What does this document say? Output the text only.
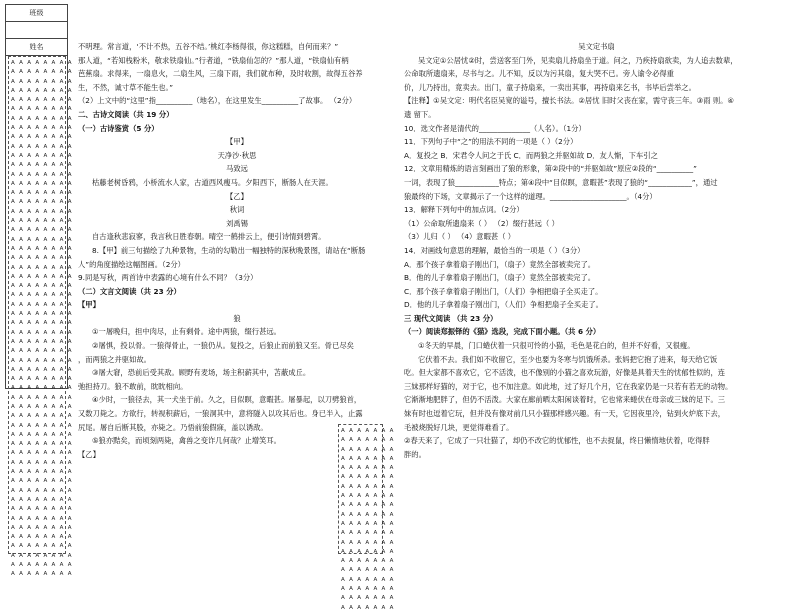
班级
姓名
A A A A A A A A
A A A A A A A A
A A A A A A A A
A A A A A A A A
A A A A A A A A
A A A A A A A A
A A A A A A A A
A A A A A A A A
A A A A A A A A
A A A A A A A A
A A A A A A A A
A A A A A A A A
A A A A A A A A
A A A A A A A A
A A A A A A A A
A A A A A A A A
A A A A A A A A
A A A A A A A A
A A A A A A A A
A A A A A A A A
A A A A A A A A
A A A A A A A A
A A A A A A A A
A A A A A A A A
A A A A A A A A
A A A A A A A A
A A A A A A A A
A A A A A A A A
A A A A A A A A
A A A A A A A A
A A A A A A A A
A A A A A A A A
A A A A A A A A
A A A A A A A A
A A A A A A A A
A A A A A A A A
A A A A A A A A
A A A A A A A A
A A A A A A A A
A A A A A A A A
A A A A A A A A
A A A A A A A A
A A A A A A A A
A A A A A A A A
A A A A A A A A
A A A A A A A A
A A A A A A A A
A A A A A A A A
A A A A A A A A
A A A A A A A A
A A A A A A A A
A A A A A A A A
A A A A A A A A
A A A A A A A A
A A A A A A A A
A A A A A A A A
A A A A A A A
A A A A A A A
A A A A A A A
A A A A A A A
A A A A A A A
A A A A A A A
A A A A A A A
A A A A A A A
A A A A A A A
A A A A A A A
A A A A A A A
A A A A A A A
A A A A A A A
A A A A A A A
A A A A A A A
A A A A A A A
A A A A A A A
A A A A A A A
A A A A A A A
A A A A A A A

不明理。常言道，‘不计不热，五谷不结。’桃红李杨得很，你这糕糕，自何而来？”

那人道，“若知栈粉米，敬求铁扇仙。”行者道，“铁扇仙怎的？”那人道，“铁扇仙有柄

芭蕉扇。求得来，一扇息火，二扇生风，三扇下雨，我们就布种，及时收割，故得五谷养

生，不然，诚寸草不能生也。”

（2）上文中的“这里”指__________（地名），在这里发生__________了故事。 （2分）

二、古诗文阅读（共 19 分）

（一）古诗鉴赏（5 分）

【甲】

天净沙·秋思

马致远

枯藤老树昏鸦，小桥流水人家，古道西风瘦马。夕阳西下，断肠人在天涯。

【乙】

秋词

刘禹锡

自古逢秋悲寂寥，我言秋日胜春朝。晴空一鹤排云上，便引诗情到碧霄。

8.【甲】前三句描绘了九种景物，生动的勾勒出一幅独特的深秋晚景图，请站在“断肠

人”的角度描绘这幅图画。（2分）

9.同是写秋，两首诗中表露的心境有什么不同？（3分）

（二）文言文阅读（共 23 分）

【甲】

狼

①一屠晚归，担中肉尽，止有剩骨。途中两狼，缀行甚远。

②屠惧，投以骨。一狼得骨止，一狼仍从。复投之，后狼止而前狼又至。骨已尽矣

，而两狼之并驱如故。

③屠大窘，恐前后受其敌。顾野有麦场，场主积薪其中，苫蔽成丘。

弛担持刀。狼不敢前，眈眈相向。

④少时，一狼径去，其一犬坐于前。久之，目似瞑，意暇甚。屠暴起，以刀劈狼首，

又数刀毙之。方欲行，转视积薪后，一狼洞其中，意将隧入以攻其后也。身已半入，止露

尻尾。屠自后断其股，亦毙之。乃悟前狼假寐，盖以诱敌。

⑤狼亦黠矣，而顷刻两毙，禽兽之变诈几何哉？止增笑耳。

【乙】

吴文定书扇

吴文定①公居忧②时，尝送客至门外，见卖扇儿持扇坐于道。问之，乃疾持扇欲卖，为人追去数辈，

公命取所遗扇来，尽书与之。儿不知，反以为污其扇，复大哭不已。旁人谕令必得重

价，儿乃持出，竟卖去。出门，童子持扇来，一卖出其事，再持扇来乞书，书毕后尝举之。

【注释】①吴文定：明代名臣吴宽的谥号，擅长书法。②居忧 旧时父丧在家，需守丧三年。③雨 则。④

遗 留下。

10．选文作者是清代的______________（人名）。（1分）

11．下列句子中“之”的用法不同的一项是（ ）（2分）

A．复投之 B．宋君令人问之于氏 C．而两狼之并驱如故 D．友人惭，下车引之

12．文章用精炼的语言刻画出了狼的形象，第②段中的“并驱如故”原应②段的“__________”

一词，表现了狼____________特点；第④段中“目似瞑，意暇甚”表现了狼的“____________”，通过

狼最终的下场，文章揭示了一个这样的道理。_____________________。（4分）

13．解释下列句中的加点词。（2分）

（1）公命取所遗扇来（ ） （2）缀行甚远（ ）

（3）儿归（ ） （4）意暇甚（ ）

14．对画线句意思的理解，最恰当的一项是（ ）（3分）

A．那个孩子拿着扇子刚出门，（扇子）竟然全部被卖完了。

B．他的儿子拿着扇子刚出门，（扇子）竟然全部被卖完了。

C．那个孩子拿着扇子刚出门，（人们）争相把扇子全买走了。

D．他的儿子拿着扇子刚出门，（人们）争相把扇子全买走了。

三 现代文阅读 （共 23 分）

（一）阅读郑振铎的《猫》选段，完成下面小题。（共 6 分）

①冬天的早晨，门口蜷伏着一只很可怜的小猫，毛色是花白的，但并不好看，又很瘦。

它伏着不去。我们如不收留它，至少也要为冬寒与饥饿所杀。张妈把它抱了进来，每天给它饭

吃。但大家都不喜欢它，它不活泼，也不像别的小猫之喜欢玩游，好像是具着天生的忧郁性似的，连

三妹那样好猫的，对于它，也不加注意。如此地，过了好几个月，它在我家仍是一只若有若无的动物。

它渐渐地肥胖了，但仍不活泼。大家在廊前晒太阳闲谈着时，它也常来蜷伏在母亲或三妹的足下。三

妹有时也逗着它玩，但并没有像对前几只小猫那样感兴趣。有一天，它因夜里冷，钻到火炉底下去，

毛被烧脱好几块，更觉得难看了。

②春天来了，它成了一只壮猫了，却仍不改它的忧郁性，也不去捉鼠，终日懒惰地伏着，吃得胖

胖的。
